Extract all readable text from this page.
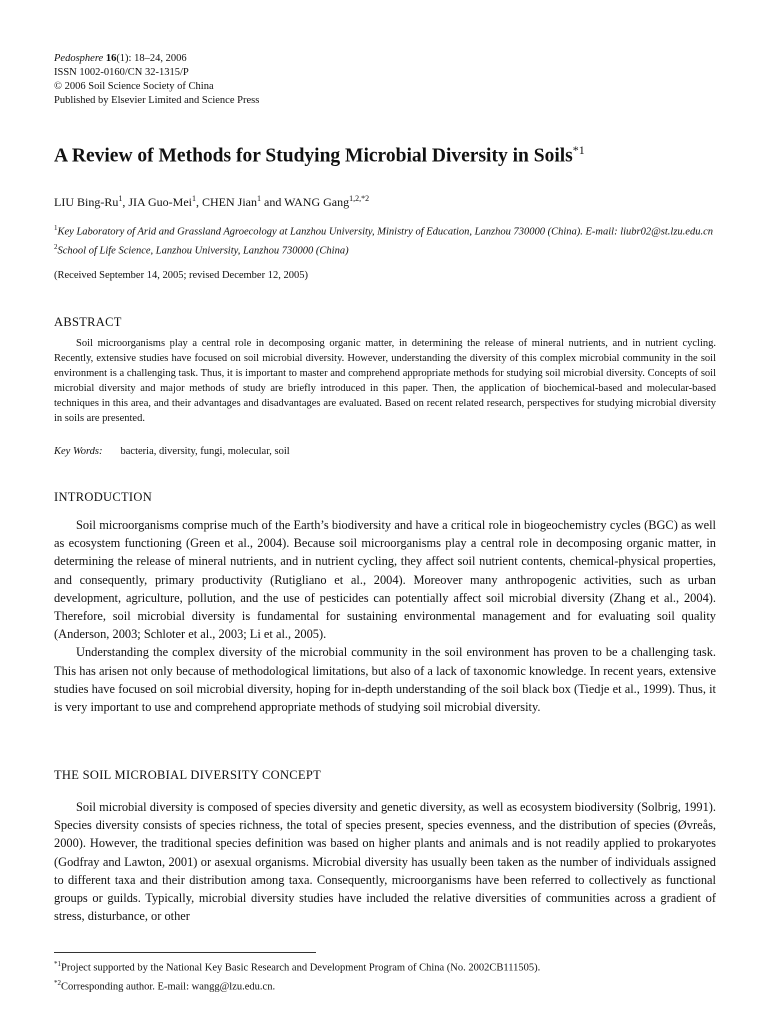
Pedosphere 16(1): 18–24, 2006
ISSN 1002-0160/CN 32-1315/P
© 2006 Soil Science Society of China
Published by Elsevier Limited and Science Press
A Review of Methods for Studying Microbial Diversity in Soils$^{*1}$
LIU Bing-Ru$^1$, JIA Guo-Mei$^1$, CHEN Jian$^1$ and WANG Gang$^{1,2,*2}$
$^1$Key Laboratory of Arid and Grassland Agroecology at Lanzhou University, Ministry of Education, Lanzhou 730000 (China). E-mail: liubr02@st.lzu.edu.cn
$^2$School of Life Science, Lanzhou University, Lanzhou 730000 (China)
(Received September 14, 2005; revised December 12, 2005)
ABSTRACT
Soil microorganisms play a central role in decomposing organic matter, in determining the release of mineral nutrients, and in nutrient cycling. Recently, extensive studies have focused on soil microbial diversity. However, understanding the diversity of this complex microbial community in the soil environment is a challenging task. Thus, it is important to master and comprehend appropriate methods for studying soil microbial diversity. Concepts of soil microbial diversity and major methods of study are briefly introduced in this paper. Then, the application of biochemical-based and molecular-based techniques in this area, and their advantages and disadvantages are evaluated. Based on recent related research, perspectives for studying microbial diversity in soils are presented.
Key Words: bacteria, diversity, fungi, molecular, soil
INTRODUCTION

Soil microorganisms comprise much of the Earth’s biodiversity and have a critical role in biogeochemistry cycles (BGC) as well as ecosystem functioning (Green et al., 2004). Because soil microorganisms play a central role in decomposing organic matter, in determining the release of mineral nutrients, and in nutrient cycling, they affect soil nutrient contents, chemical-physical properties, and consequently, primary productivity (Rutigliano et al., 2004). Moreover many anthropogenic activities, such as urban development, agriculture, pollution, and the use of pesticides can potentially affect soil microbial diversity (Zhang et al., 2004). Therefore, soil microbial diversity is fundamental for sustaining environmental management and for evaluating soil quality (Anderson, 2003; Schloter et al., 2003; Li et al., 2005).

Understanding the complex diversity of the microbial community in the soil environment has proven to be a challenging task. This has arisen not only because of methodological limitations, but also of a lack of taxonomic knowledge. In recent years, extensive studies have focused on soil microbial diversity, hoping for in-depth understanding of the soil black box (Tiedje et al., 1999). Thus, it is very important to use and comprehend appropriate methods of studying soil microbial diversity.

THE SOIL MICROBIAL DIVERSITY CONCEPT

Soil microbial diversity is composed of species diversity and genetic diversity, as well as ecosystem biodiversity (Solbrig, 1991). Species diversity consists of species richness, the total of species present, species evenness, and the distribution of species (Øvreås, 2000). However, the traditional species definition was based on higher plants and animals and is not readily applied to prokaryotes (Godfray and Lawton, 2001) or asexual organisms. Microbial diversity has usually been taken as the number of individuals assigned to different taxa and their distribution among taxa. Consequently, microorganisms have been referred to collectively as functional groups or guilds. Typically, microbial diversity studies have included the relative diversities of communities across a gradient of stress, disturbance, or other

$^{*1}$Project supported by the National Key Basic Research and Development Program of China (No. 2002CB111505).
$^{*2}$Corresponding author. E-mail: wangg@lzu.edu.cn.
